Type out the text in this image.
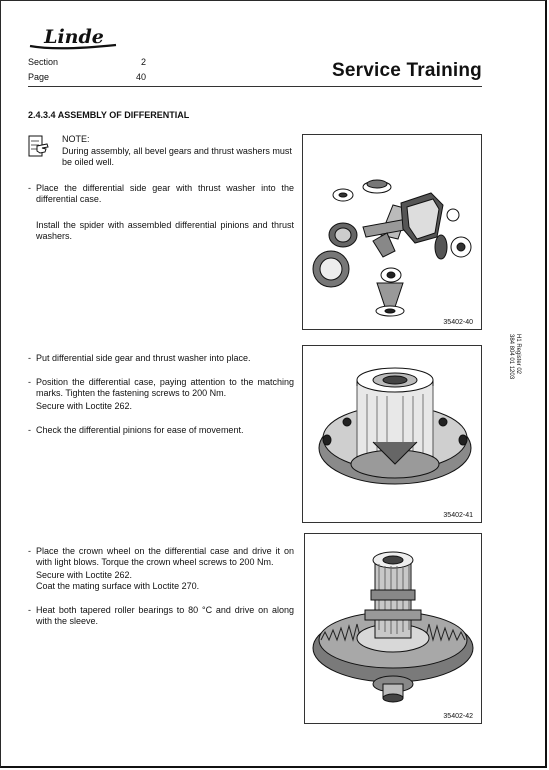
Linde
Section	2
Page	40	Service Training
2.4.3.4 ASSEMBLY OF DIFFERENTIAL
NOTE:
During assembly, all bevel gears and thrust washers must be oiled well.
- Place the differential side gear with thrust washer into the differential case.
Install the spider with assembled differential pinions and thrust washers.
- Put differential side gear and thrust washer into place.
- Position the differential case, paying attention to the matching marks. Tighten the fastening screws to 200 Nm.
Secure with Loctite 262.
- Check the differential pinions for ease of movement.
- Place the crown wheel on the differential case and drive it on with light blows. Torque the crown wheel screws to 200 Nm.
Secure with Loctite 262.
Coat the mating surface with Loctite 270.
- Heat both tapered roller bearings to 80 °C and drive on along with the sleeve.
35402-40
35402-41
35402-42
H1 Register 02
384 804 01 1203
